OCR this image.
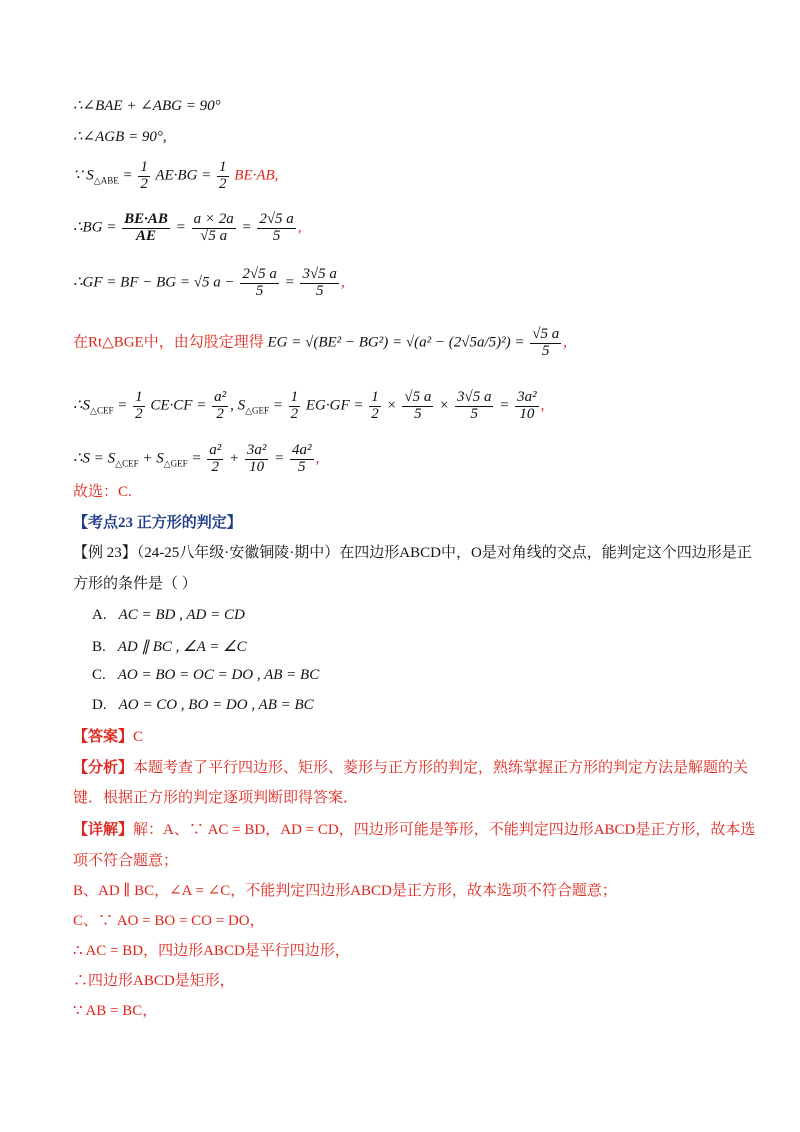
∴∠BAE + ∠ABG = 90°
∴∠AGB = 90°,
∵ $S_{\triangle ABE} = \frac{1}{2} AE\cdot BG = \frac{1}{2} BE\cdot AB$,
∴BG = $\frac{BE\cdot AB}{AE} = \frac{a \times 2a}{√5 a} = \frac{2√5 a}{5}$ ,
∴GF = BF − BG = √5 $a - \frac{2√5 a}{5} = \frac{3√5 a}{5}$ ,
在Rt△BGE中，由勾股定理得 EG = $√(BE^2 - BG^2) = √(a^2 - (2√5a/5)^2) = \frac{√5 a}{5}$ ,
$\therefore S_{\triangle CEF} = \frac{1}{2} CE\cdot CF = \frac{\text{a²}}{2}$ , $S_{\triangle GEF} = \frac{1}{2} EG\cdot GF = \frac{1}{2} \times \frac{√5 a}{5} \times \frac{3√5 a}{5} = \frac{\text{3a²}}{10}$ ,
∴S = $S_{\triangle CEF} + S_{\triangle GEF} = \frac{\text{a²}}{2} + \frac{\text{3a²}}{10} = \frac{\text{4a²}}{5}$ ,
故选：C.
【考点23 正方形的判定】
【例 23】（24-25八年级·安徽铜陵·期中）在四边形ABCD中，O是对角线的交点，能判定这个四边形是正
方形的条件是（ ）
A. AC = BD , AD = CD
B. AD ∥ BC , ∠A = ∠C
C. AO = BO = OC = DO , AB = BC
D. AO = CO , BO = DO , AB = BC
【答案】C
【分析】本题考查了平行四边形、矩形、菱形与正方形的判定，熟练掌握正方形的判定方法是解题的关
键．根据正方形的判定逐项判断即得答案．
【详解】解：A、∵ AC = BD，AD = CD，四边形可能是筝形，不能判定四边形ABCD是正方形，故本选
项不符合题意；
B、AD ∥ BC，∠A = ∠C，不能判定四边形ABCD是正方形，故本选项不符合题意；
C、∵ AO = BO = CO = DO，
∴ AC = BD，四边形ABCD是平行四边形，
∴四边形ABCD是矩形，
∵ AB = BC，
